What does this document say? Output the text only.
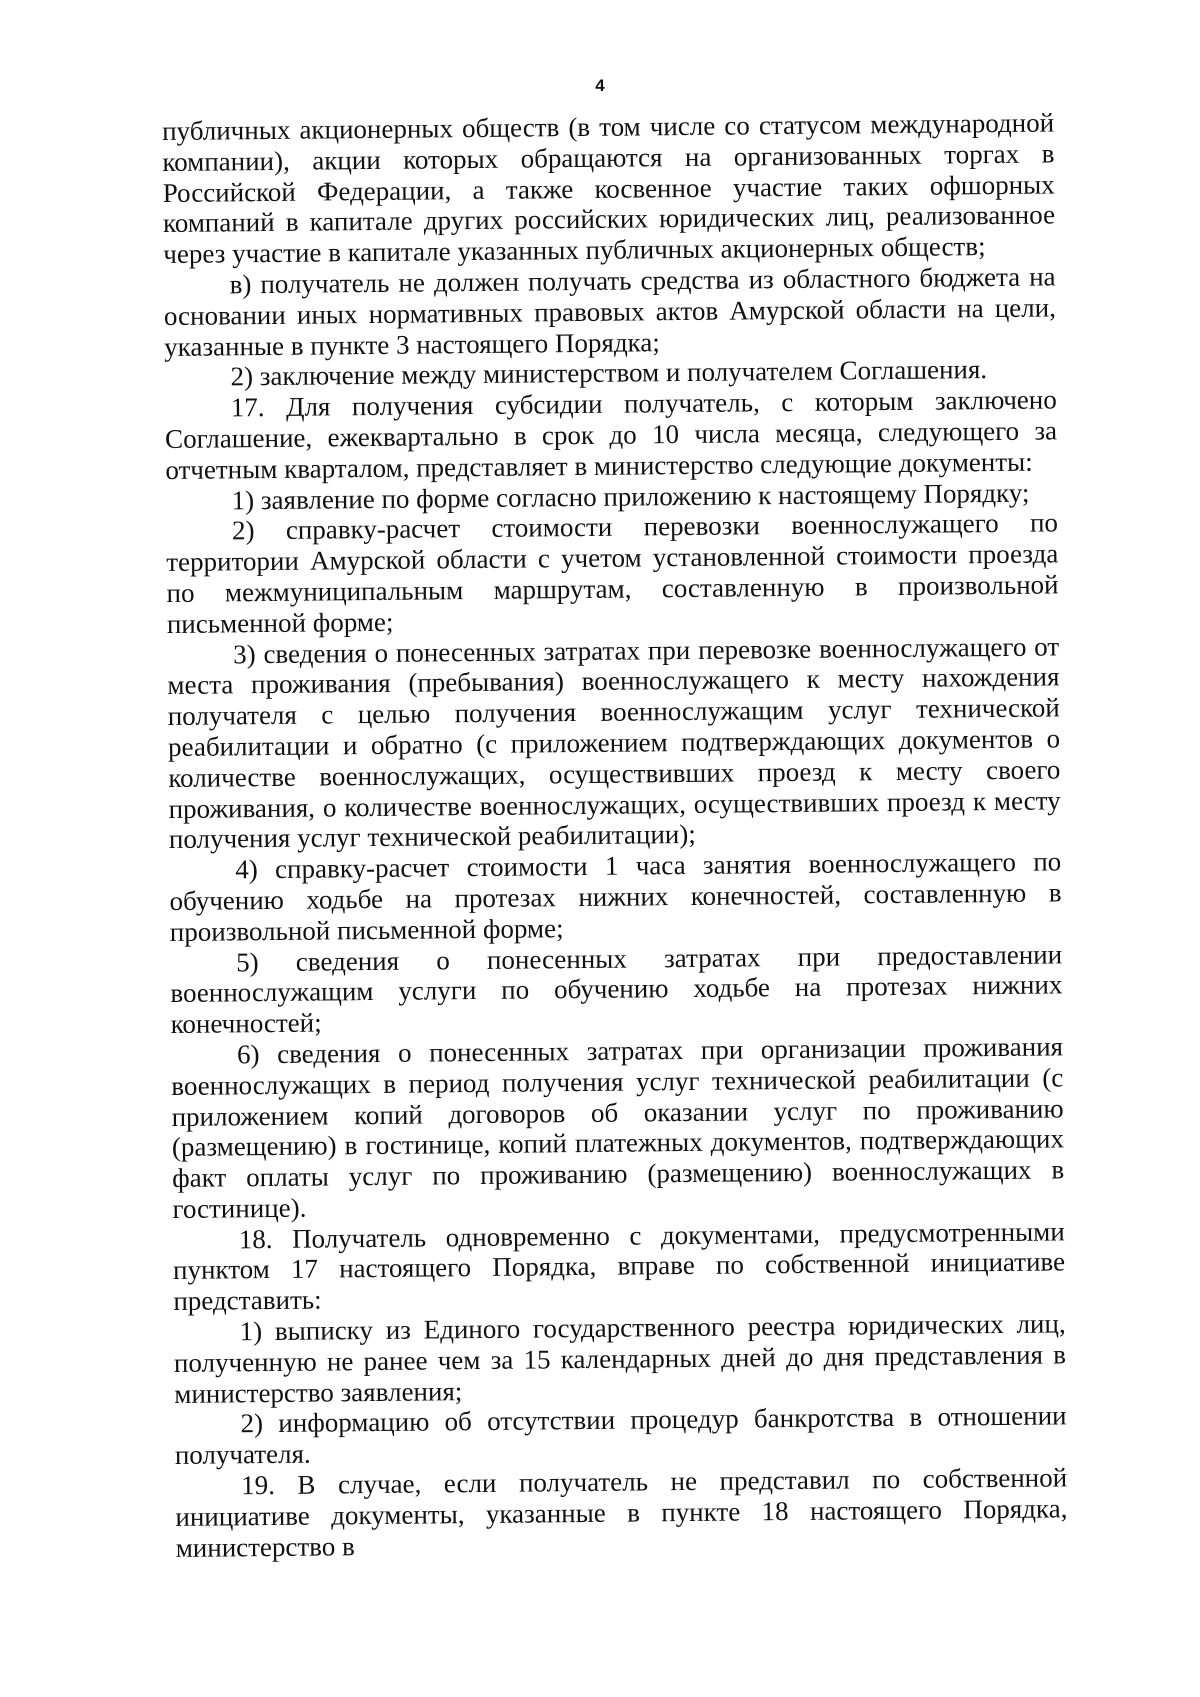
4

публичных акционерных обществ (в том числе со статусом международной компании), акции которых обращаются на организованных торгах в Российской Федерации, а также косвенное участие таких офшорных компаний в капитале других российских юридических лиц, реализованное через участие в капитале указанных публичных акционерных обществ;

в) получатель не должен получать средства из областного бюджета на основании иных нормативных правовых актов Амурской области на цели, указанные в пункте 3 настоящего Порядка;

2) заключение между министерством и получателем Соглашения.

17. Для получения субсидии получатель, с которым заключено Соглашение, ежеквартально в срок до 10 числа месяца, следующего за отчетным кварталом, представляет в министерство следующие документы:

1) заявление по форме согласно приложению к настоящему Порядку;

2) справку-расчет стоимости перевозки военнослужащего по территории Амурской области с учетом установленной стоимости проезда по межмуниципальным маршрутам, составленную в произвольной письменной форме;

3) сведения о понесенных затратах при перевозке военнослужащего от места проживания (пребывания) военнослужащего к месту нахождения получателя с целью получения военнослужащим услуг технической реабилитации и обратно (с приложением подтверждающих документов о количестве военнослужащих, осуществивших проезд к месту своего проживания, о количестве военнослужащих, осуществивших проезд к месту получения услуг технической реабилитации);

4) справку-расчет стоимости 1 часа занятия военнослужащего по обучению ходьбе на протезах нижних конечностей, составленную в произвольной письменной форме;

5) сведения о понесенных затратах при предоставлении военнослужащим услуги по обучению ходьбе на протезах нижних конечностей;

6) сведения о понесенных затратах при организации проживания военнослужащих в период получения услуг технической реабилитации (с приложением копий договоров об оказании услуг по проживанию (размещению) в гостинице, копий платежных документов, подтверждающих факт оплаты услуг по проживанию (размещению) военнослужащих в гостинице).

18. Получатель одновременно с документами, предусмотренными пунктом 17 настоящего Порядка, вправе по собственной инициативе представить:

1) выписку из Единого государственного реестра юридических лиц, полученную не ранее чем за 15 календарных дней до дня представления в министерство заявления;

2) информацию об отсутствии процедур банкротства в отношении получателя.

19. В случае, если получатель не представил по собственной инициативе документы, указанные в пункте 18 настоящего Порядка, министерство в
